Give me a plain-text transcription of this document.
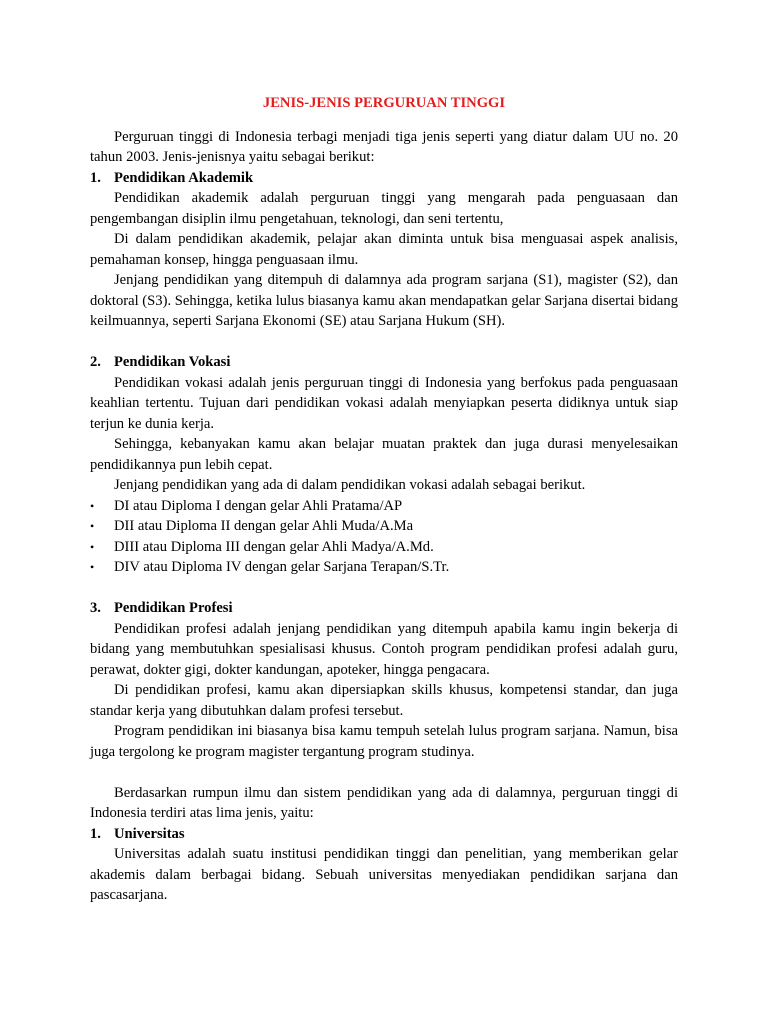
JENIS-JENIS PERGURUAN TINGGI

Perguruan tinggi di Indonesia terbagi menjadi tiga jenis seperti yang diatur dalam UU no. 20 tahun 2003. Jenis-jenisnya yaitu sebagai berikut:

1. Pendidikan Akademik

Pendidikan akademik adalah perguruan tinggi yang mengarah pada penguasaan dan pengembangan disiplin ilmu pengetahuan, teknologi, dan seni tertentu,

Di dalam pendidikan akademik, pelajar akan diminta untuk bisa menguasai aspek analisis, pemahaman konsep, hingga penguasaan ilmu.

Jenjang pendidikan yang ditempuh di dalamnya ada program sarjana (S1), magister (S2), dan doktoral (S3). Sehingga, ketika lulus biasanya kamu akan mendapatkan gelar Sarjana disertai bidang keilmuannya, seperti Sarjana Ekonomi (SE) atau Sarjana Hukum (SH).

2. Pendidikan Vokasi

Pendidikan vokasi adalah jenis perguruan tinggi di Indonesia yang berfokus pada penguasaan keahlian tertentu. Tujuan dari pendidikan vokasi adalah menyiapkan peserta didiknya untuk siap terjun ke dunia kerja.

Sehingga, kebanyakan kamu akan belajar muatan praktek dan juga durasi menyelesaikan pendidikannya pun lebih cepat.

Jenjang pendidikan yang ada di dalam pendidikan vokasi adalah sebagai berikut.

•	DI atau Diploma I dengan gelar Ahli Pratama/AP
•	DII atau Diploma II dengan gelar Ahli Muda/A.Ma
•	DIII atau Diploma III dengan gelar Ahli Madya/A.Md.
•	DIV atau Diploma IV dengan gelar Sarjana Terapan/S.Tr.
3. Pendidikan Profesi

Pendidikan profesi adalah jenjang pendidikan yang ditempuh apabila kamu ingin bekerja di bidang yang membutuhkan spesialisasi khusus. Contoh program pendidikan profesi adalah guru, perawat, dokter gigi, dokter kandungan, apoteker, hingga pengacara.

Di pendidikan profesi, kamu akan dipersiapkan skills khusus, kompetensi standar, dan juga standar kerja yang dibutuhkan dalam profesi tersebut.

Program pendidikan ini biasanya bisa kamu tempuh setelah lulus program sarjana. Namun, bisa juga tergolong ke program magister tergantung program studinya.

Berdasarkan rumpun ilmu dan sistem pendidikan yang ada di dalamnya, perguruan tinggi di Indonesia terdiri atas lima jenis, yaitu:

1. Universitas

Universitas adalah suatu institusi pendidikan tinggi dan penelitian, yang memberikan gelar akademis dalam berbagai bidang. Sebuah universitas menyediakan pendidikan sarjana dan pascasarjana.
